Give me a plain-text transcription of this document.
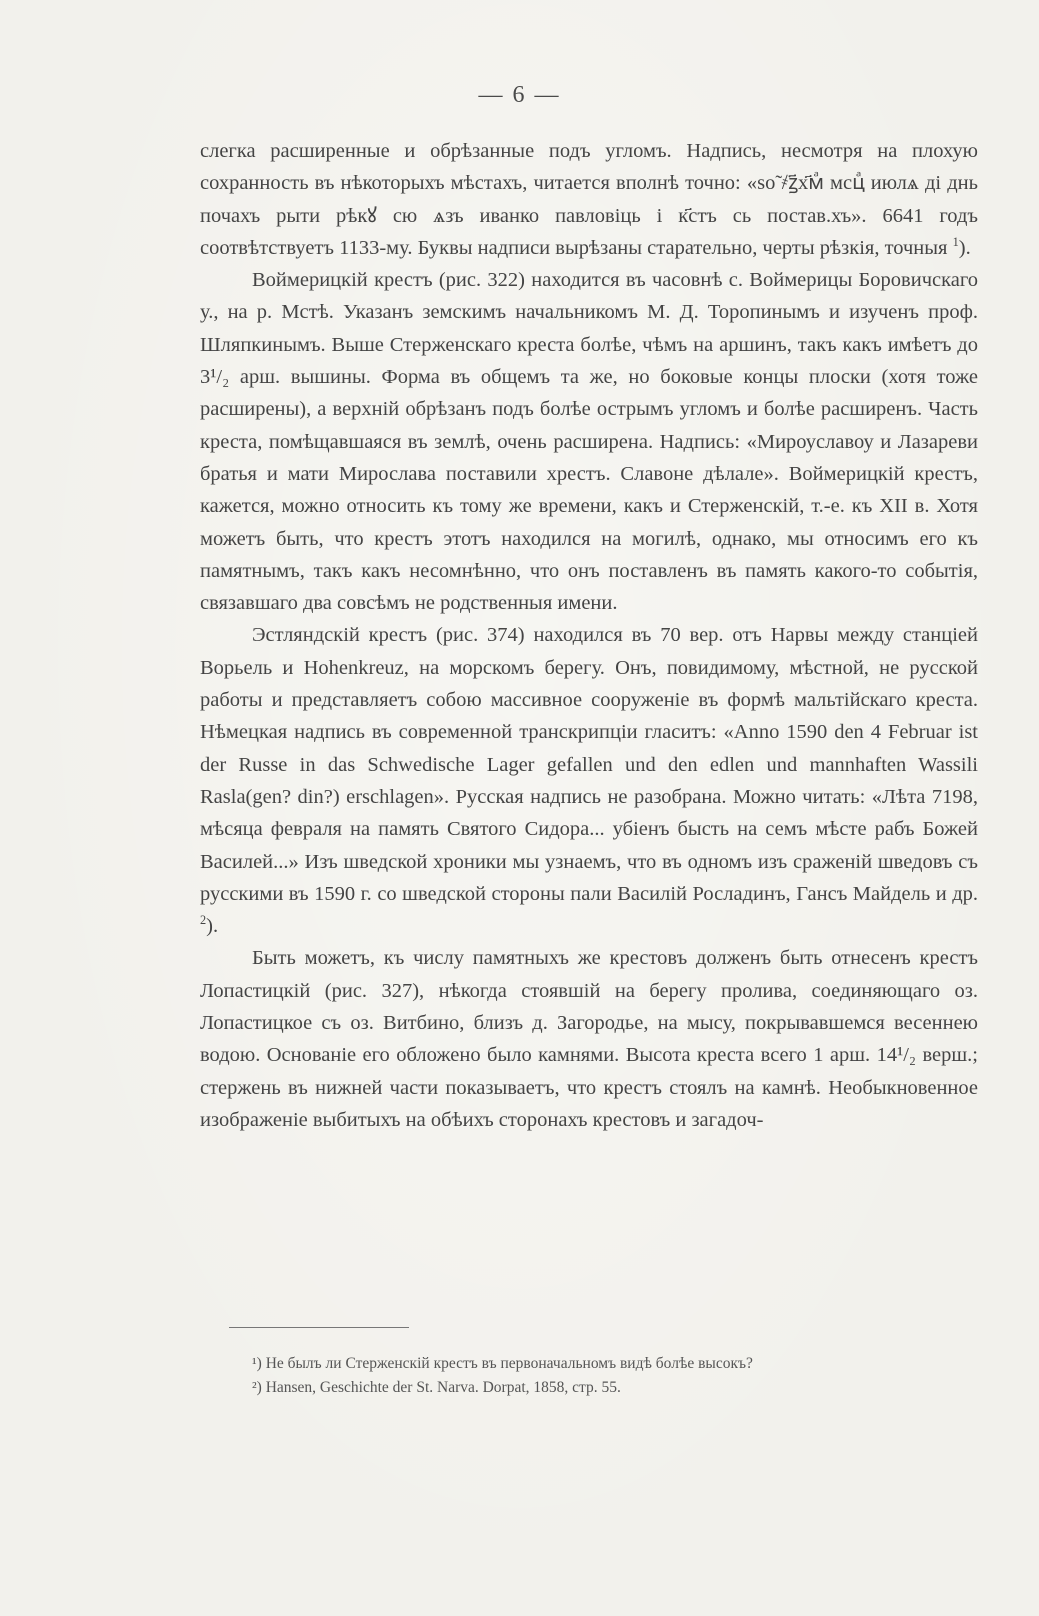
— 6 —

слегка расширенные и обрѣзанные подъ угломъ. Надпись, несмотря на плохую сохранность въ нѣкоторыхъ мѣстахъ, читается вполнѣ точно: «ѕо̃ ҂ꙁ҃х҃мⷶ мсцⷶ июлѧ ді днь почахъ рыти рѣкꙋ сю ѧзъ иванко павловiць i к҃стъ сь постав.хъ». 6641 годъ соотвѣтствуетъ 1133-му. Буквы надписи вырѣзаны старательно, черты рѣзкiя, точныя $^1$).

Воймерицкiй крестъ (рис. 322) находится въ часовнѣ с. Воймерицы Боровичскаго у., на р. Мстѣ. Указанъ земскимъ начальникомъ М. Д. Торопинымъ и изученъ проф. Шляпкинымъ. Выше Стерженскаго креста болѣе, чѣмъ на аршинъ, такъ какъ имѣетъ до 3¹/₂ арш. вышины. Форма въ общемъ та же, но боковые концы плоски (хотя тоже расширены), а верхнiй обрѣзанъ подъ болѣе острымъ угломъ и болѣе расширенъ. Часть креста, помѣщавшаяся въ землѣ, очень расширена. Надпись: «Мироуславоу и Лазареви братья и мати Мирослава поставили хрестъ. Славоне дѣлале». Воймерицкiй крестъ, кажется, можно относить къ тому же времени, какъ и Стерженскiй, т.-е. къ XII в. Хотя можетъ быть, что крестъ этотъ находился на могилѣ, однако, мы относимъ его къ памятнымъ, такъ какъ несомнѣнно, что онъ поставленъ въ память какого-то событiя, связавшаго два совсѣмъ не родственныя имени.

Эстляндскiй крестъ (рис. 374) находился въ 70 вер. отъ Нарвы между станцiей Ворьель и Hohenkreuz, на морскомъ берегу. Онъ, повидимому, мѣстной, не русской работы и представляетъ собою массивное сооруженiе въ формѣ мальтiйскаго креста. Нѣмецкая надпись въ современной транскрипцiи гласитъ: «Anno 1590 den 4 Februar ist der Russe in das Schwedische Lager gefallen und den edlen und mannhaften Wassili Rasla(gen? din?) erschlagen». Русская надпись не разобрана. Можно читать: «Лѣта 7198, мѣсяца февраля на память Святого Сидора... убiенъ бысть на семъ мѣсте рабъ Божей Василей...» Изъ шведской хроники мы узнаемъ, что въ одномъ изъ сраженiй шведовъ съ русскими въ 1590 г. со шведской стороны пали Василiй Росладинъ, Гансъ Майдель и др. $^2$).

Быть можетъ, къ числу памятныхъ же крестовъ долженъ быть отнесенъ крестъ Лопастицкiй (рис. 327), нѣкогда стоявшiй на берегу пролива, соединяющаго оз. Лопастицкое съ оз. Витбино, близъ д. Загородье, на мысу, покрывавшемся весеннею водою. Основанiе его обложено было камнями. Высота креста всего 1 арш. 14¹/₂ верш.; стержень въ нижней части показываетъ, что крестъ стоялъ на камнѣ. Необыкновенное изображенiе выбитыхъ на обѣихъ сторонахъ крестовъ и загадоч-

¹) Не былъ ли Стерженскiй крестъ въ первоначальномъ видѣ болѣе высокъ?
²) Hansen, Geschichte der St. Narva. Dorpat, 1858, стр. 55.
